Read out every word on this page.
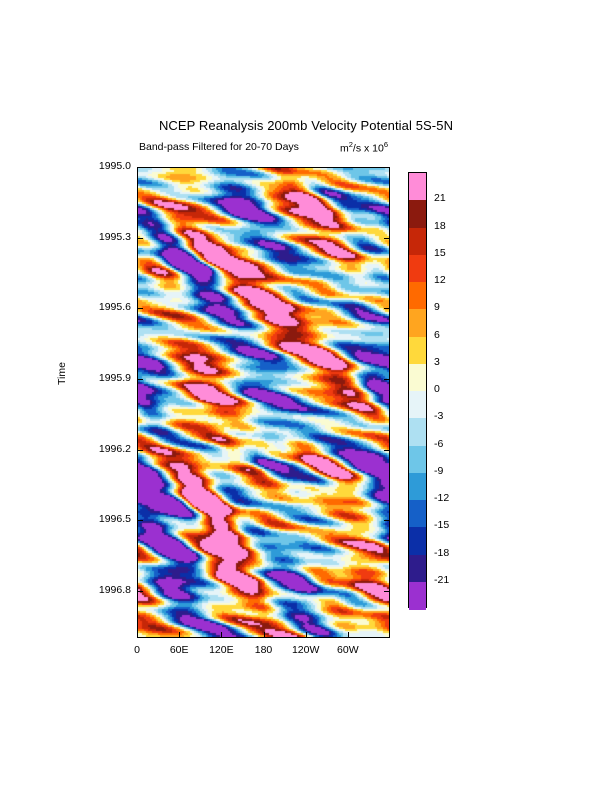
NCEP Reanalysis 200mb Velocity Potential 5S-5N
Band-pass Filtered for 20-70 Days	$m^2/s$ x $10^6$
Time
21
18
15
12
9
6
3
0
-3
-6
-9
-12
-15
-18
-21
1995.0
1995.3
1995.6
1995.9
1996.2
1996.5
1996.8
0	60E	120E	180	120W	60W
